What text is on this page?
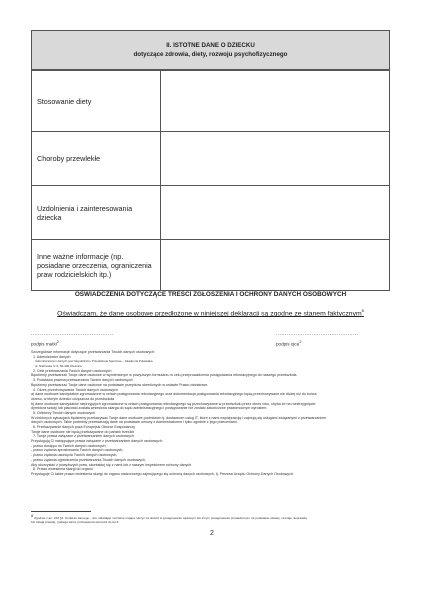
II. ISTOTNE DANE O DZIECKU
dotyczące zdrowia, diety, rozwoju psychofizycznego
Stosowanie diety	
Choroby przewlekłe	
Uzdolnienia i zainteresowania dziecka	
Inne ważne informacje (np. posiadane orzeczenia, ograniczenia praw rodzicielskich itp.)	
OŚWIADCZENIA DOTYCZĄCE TREŚCI ZGŁOSZENIA I OCHRONY DANYCH OSOBOWYCH
Oświadczam, że dane osobowe przedłożone w niniejszej deklaracji są zgodne ze stanem faktycznym$^8$
..............................................	..............................................
podpis matki$^2$
podpis ojca$^2$

Szczegółowe informacje dotyczące przetwarzania Twoich danych osobowych:

1. Administrator danych

Administratorem danych jest Niepubliczne Przedszkole Sportowe – Akademia Pulawiaka

ul. Niebieska nr 6, 56-400 Oleśnica

2. Cele przetwarzania Twoich danych osobowych

Będziemy przetwarzać Twoje dane osobowe w wymienionym w powyższym formularzu w celu przeprowadzenia postępowania rekrutacyjnego do naszego przedszkola.

3. Podstawa prawna przetwarzania Twoich danych osobowych

Będziemy przetwarzać Twoje dane osobowe na podstawie przepisów określonych w ustawie Prawo oświatowe.

4. Okres przechowywania Twoich danych osobowych

a) dane osobowe kandydatów zgromadzone w celach postępowania rekrutacyjnego oraz dokumentacja postępowania rekrutacyjnego będą przechowywane nie dłużej niż do końca

okresu, w którym dziecko uczęszcza do przedszkola

b) dane osobowe kandydatów nieprzyjętych zgromadzone w celach postępowania rekrutacyjnego są przechowywane w przedszkolu przez okres roku, chyba że na rozstrzygnięcie

dyrektora szkoły lub placówki została wniesiona skarga do sądu administracyjnego i postępowanie nie zostało zakończone prawomocnym wyrokiem.

5. Odbiorcy Twoich danych osobowych

W niektórych sytuacjach będziemy przekazywać Twoje dane osobowe podmiotom tj. dostawcom usług IT, które z nami współpracują i zajmują się usługami związanymi z przetwarzaniem

danych osobowych. Takie podmioty przetwarzają dane na podstawie umowy z Administratorem i tylko zgodnie z jego poleceniami.

6. Przekazywanie danych poza Europejski Obszar Gospodarczy

Twoje dane osobowe nie będą przekazywane do państw trzecich

7. Twoje prawa związane z przetwarzaniem danych osobowych

Przysługują Ci następujące prawa związane z przetwarzaniem danych osobowych:

- prawo dostępu do Twoich danych osobowych,

- prawo żądania sprostowania Twoich danych osobowych,

- prawo żądania usunięcia Twoich danych osobowych,

- prawo żądania ograniczenia przetwarzania Twoich danych osobowych,

Aby skorzystać z powyższych praw, skontaktuj się z nami lub z naszym inspektorem ochrony danych.

8. Prawo wniesienia skargi do organu

Przysługuje Ci także prawo wniesienia skargi do organu nadzorczego zajmującego się ochroną danych osobowych, tj. Prezesa Urzędu Ochrony Danych Osobowych.

$^8$ Zgodnie z art. 233 §1. Kodeksu karnego – kto, składając zeznanie mające służyć za dowód w postępowaniu sądowym lub innym postępowaniu prowadzonym na podstawie ustawy, zeznaje nieprawdę

lub zataja prawdę, podlega karze pozbawienia wolności do lat 3.

2
